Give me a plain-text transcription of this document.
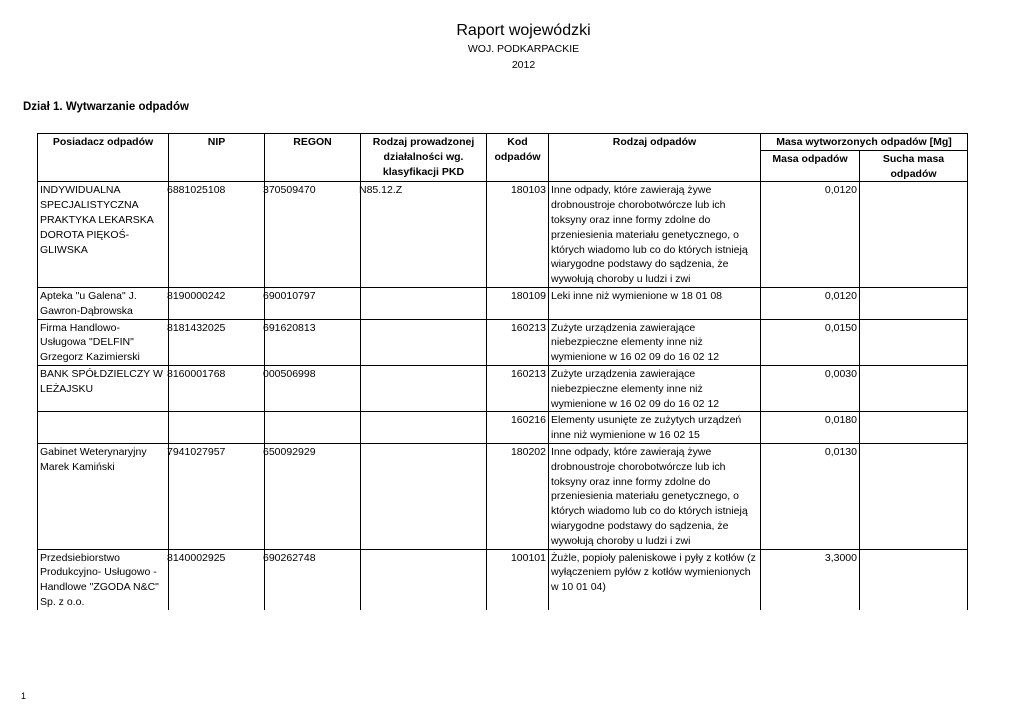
Raport wojewódzki
WOJ. PODKARPACKIE
2012
Dział 1. Wytwarzanie odpadów
Posiadacz odpadów	NIP	REGON	Rodzaj prowadzonej działalności wg. klasyfikacji PKD	Kod odpadów	Rodzaj odpadów	Masa wytworzonych odpadów [Mg]	
						Masa odpadów	Sucha masa odpadów
INDYWIDUALNA SPECJALISTYCZNA PRAKTYKA LEKARSKA DOROTA PIĘKOŚ-GLIWSKA	6881025108	370509470	N85.12.Z	180103	Inne odpady, które zawierają żywe drobnoustroje chorobotwórcze lub ich toksyny oraz inne formy zdolne do przeniesienia materiału genetycznego, o których wiadomo lub co do których istnieją wiarygodne podstawy do sądzenia, że wywołują choroby u ludzi i zwi	0,0120	
Apteka "u Galena" J. Gawron-Dąbrowska	8190000242	690010797		180109	Leki inne niż wymienione w 18 01 08	0,0120	
Firma Handlowo-Usługowa "DELFIN" Grzegorz Kazimierski	8181432025	691620813		160213	Zużyte urządzenia zawierające niebezpieczne elementy inne niż wymienione w 16 02 09 do 16 02 12	0,0150	
BANK SPÓŁDZIELCZY W LEŻAJSKU	8160001768	000506998		160213	Zużyte urządzenia zawierające niebezpieczne elementy inne niż wymienione w 16 02 09 do 16 02 12	0,0030	
				160216	Elementy usunięte ze zużytych urządzeń inne niż wymienione w 16 02 15	0,0180	
Gabinet Weterynaryjny Marek Kamiński	7941027957	650092929		180202	Inne odpady, które zawierają żywe drobnoustroje chorobotwórcze lub ich toksyny oraz inne formy zdolne do przeniesienia materiału genetycznego, o których wiadomo lub co do których istnieją wiarygodne podstawy do sądzenia, że wywołują choroby u ludzi i zwi	0,0130	
Przedsiebiorstwo Produkcyjno- Usługowo - Handlowe "ZGODA N&C" Sp. z o.o.	8140002925	690262748		100101	Żużle, popioły paleniskowe i pyły z kotłów (z wyłączeniem pyłów z kotłów wymienionych w 10 01 04)	3,3000	
1
